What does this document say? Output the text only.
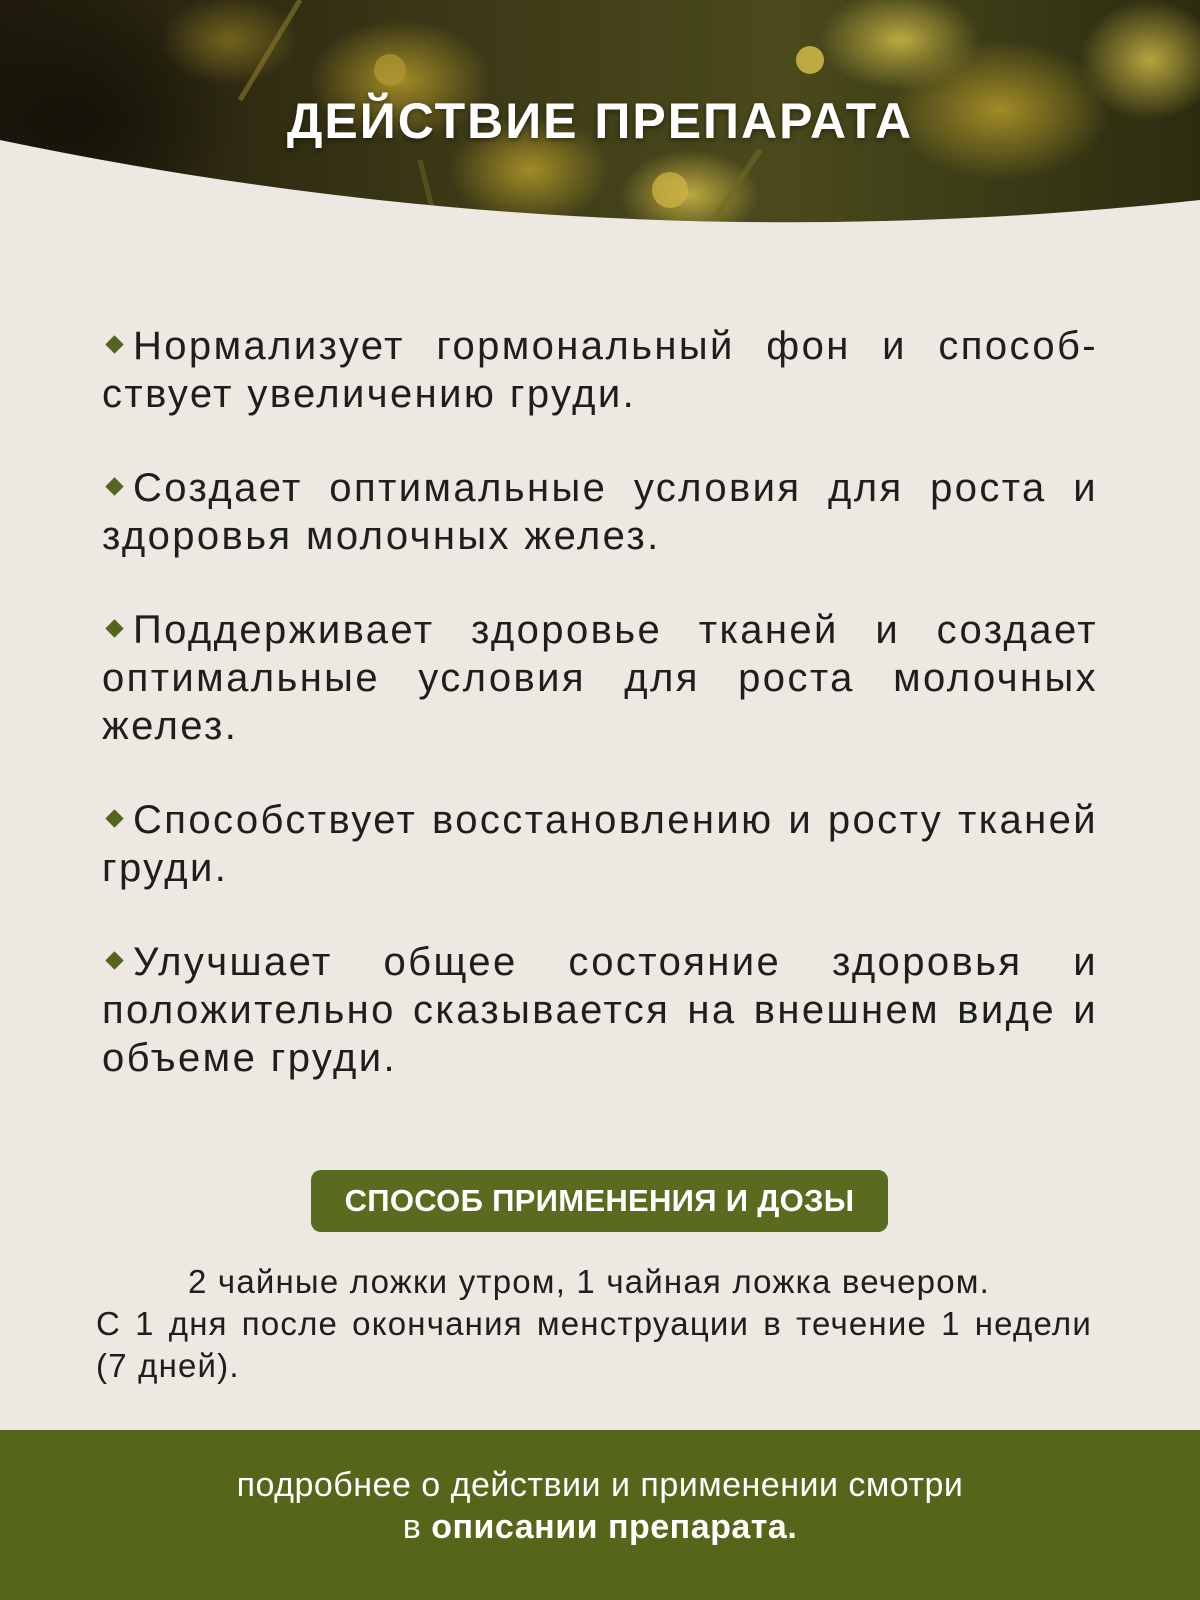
ДЕЙСТВИЕ ПРЕПАРАТА

Нормализует гормональный фон и способ-ствует увеличению груди.

Создает оптимальные условия для роста и здоровья молочных желез.

Поддерживает здоровье тканей и создает оптимальные условия для роста молочных желез.

Способствует восстановлению и росту тканей груди.

Улучшает общее состояние здоровья и положительно сказывается на внешнем виде и объеме груди.

СПОСОБ ПРИМЕНЕНИЯ И ДОЗЫ
2 чайные ложки утром, 1 чайная ложка вечером.
С 1 дня после окончания менструации в течение 1 недели (7 дней).
подробнее о действии и применении смотри
в описании препарата.
